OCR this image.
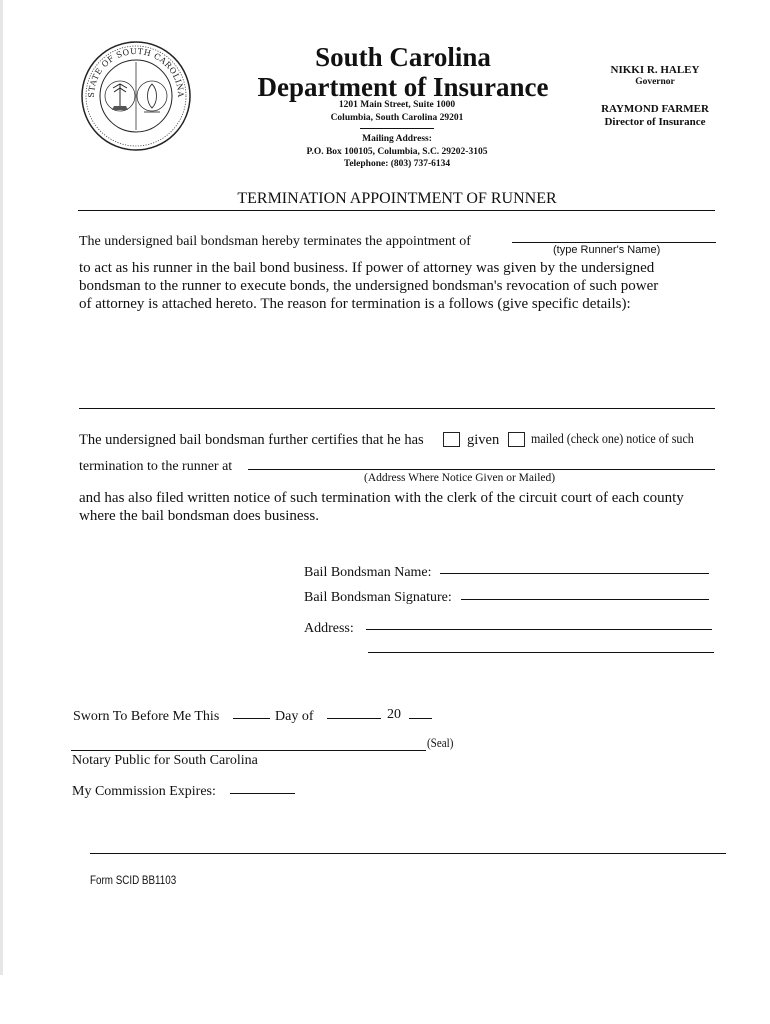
STATE OF SOUTH CAROLINA
South Carolina
Department of Insurance
1201 Main Street, Suite 1000
Columbia, South Carolina 29201
Mailing Address:
P.O. Box 100105, Columbia, S.C. 29202-3105
Telephone: (803) 737-6134
NIKKI R. HALEY
Governor
RAYMOND FARMER
Director of Insurance
TERMINATION APPOINTMENT OF RUNNER
The undersigned bail bondsman hereby terminates the appointment of
(type Runner's Name)
to act as his runner in the bail bond business. If power of attorney was given by the undersigned
bondsman to the runner to execute bonds, the undersigned bondsman's revocation of such power
of attorney is attached hereto. The reason for termination is a follows (give specific details):
The undersigned bail bondsman further certifies that he has	given mailed (check one) notice of such
termination to the runner at
(Address Where Notice Given or Mailed)
and has also filed written notice of such termination with the clerk of the circuit court of each county
where the bail bondsman does business.
Bail Bondsman Name:
Bail Bondsman Signature:
Address:
Sworn To Before Me This	Day of	20
(Seal)
Notary Public for South Carolina
My Commission Expires:
Form SCID BB1103
